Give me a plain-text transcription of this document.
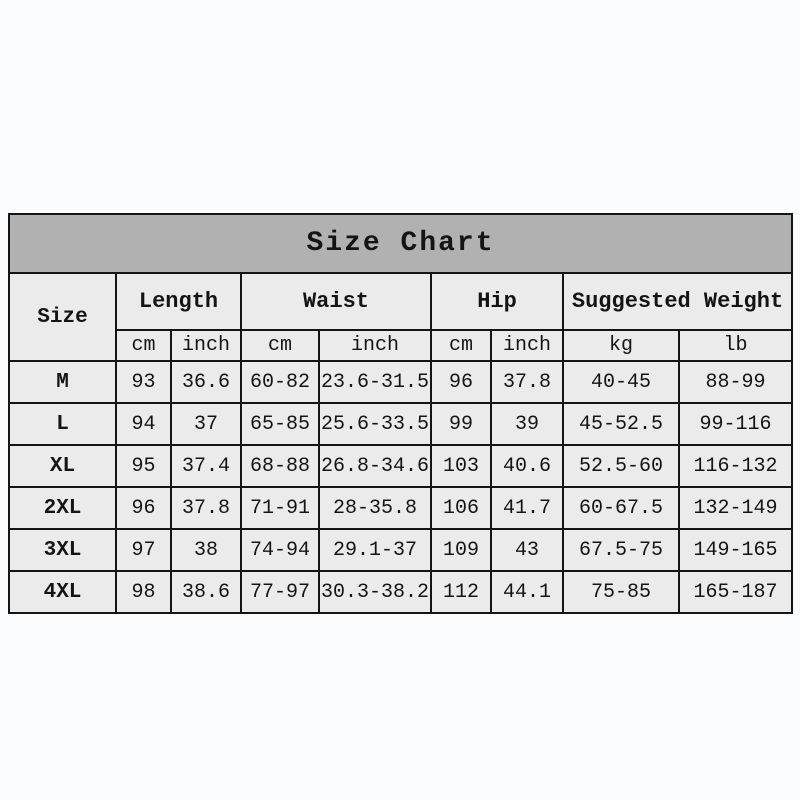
Size Chart								
Size	Length		Waist		Hip		Suggested Weight	
	cm	inch	cm	inch	cm	inch	kg	lb
M	93	36.6	60-82	23.6-31.5	96	37.8	40-45	88-99
L	94	37	65-85	25.6-33.5	99	39	45-52.5	99-116
XL	95	37.4	68-88	26.8-34.6	103	40.6	52.5-60	116-132
2XL	96	37.8	71-91	28-35.8	106	41.7	60-67.5	132-149
3XL	97	38	74-94	29.1-37	109	43	67.5-75	149-165
4XL	98	38.6	77-97	30.3-38.2	112	44.1	75-85	165-187
